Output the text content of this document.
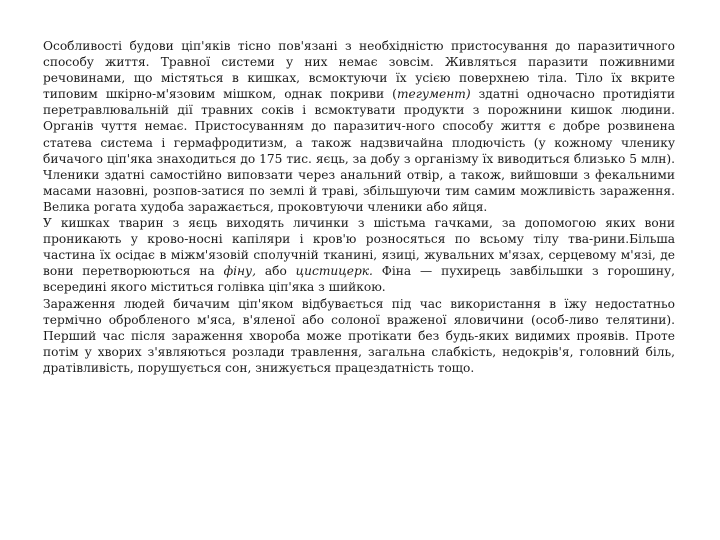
Особливості будови ціп'яків тісно пов'язані з необхідністю пристосування до паразитичного способу життя. Травної системи у них немає зовсім. Живляться паразити поживними речовинами, що містяться в кишках, всмоктуючи їх усією поверхнею тіла. Тіло їх вкрите типовим шкірно-м'язовим мішком, однак покриви (тегумент) здатні одночасно протидіяти перетравлювальній дії травних соків і всмоктувати продукти з порожнини кишок людини. Органів чуття немає. Пристосуванням до паразитич-ного способу життя є добре розвинена статева система і гермафродитизм, а також надзвичайна плодючість (у кожному членику бичачого ціп'яка знаходиться до 175 тис. яєць, за добу з організму їх виводиться близько 5 млн). Членики здатні самостійно виповзати через анальний отвір, а також, вийшовши з фекальними масами назовні, розпов-затися по землі й траві, збільшуючи тим самим можливість зараження. Велика рогата худоба заражається, проковтуючи членики або яйця.

У кишках тварин з яєць виходять личинки з шістьма гачками, за допомогою яких вони проникають у крово-носні капіляри і кров'ю розносяться по всьому тілу тва-рини.Більша частина їх осідає в міжм'язовій сполучній тканині, язиці, жувальних м'язах, серцевому м'язі, де вони перетворюються на фіну, або цистицерк. Фіна — пухирець завбільшки з горошину, всередині якого міститься голівка ціп'яка з шийкою.

Зараження людей бичачим ціп'яком відбувається під час використання в їжу недостатньо термічно обробленого м'яса, в'яленої або солоної враженої яловичини (особ-ливо телятини). Перший час після зараження хвороба може протікати без будь-яких видимих проявів. Проте потім у хворих з'являються розлади травлення, загальна слабкість, недокрів'я, головний біль, дратівливість, порушується сон, знижується працездатність тощо.
